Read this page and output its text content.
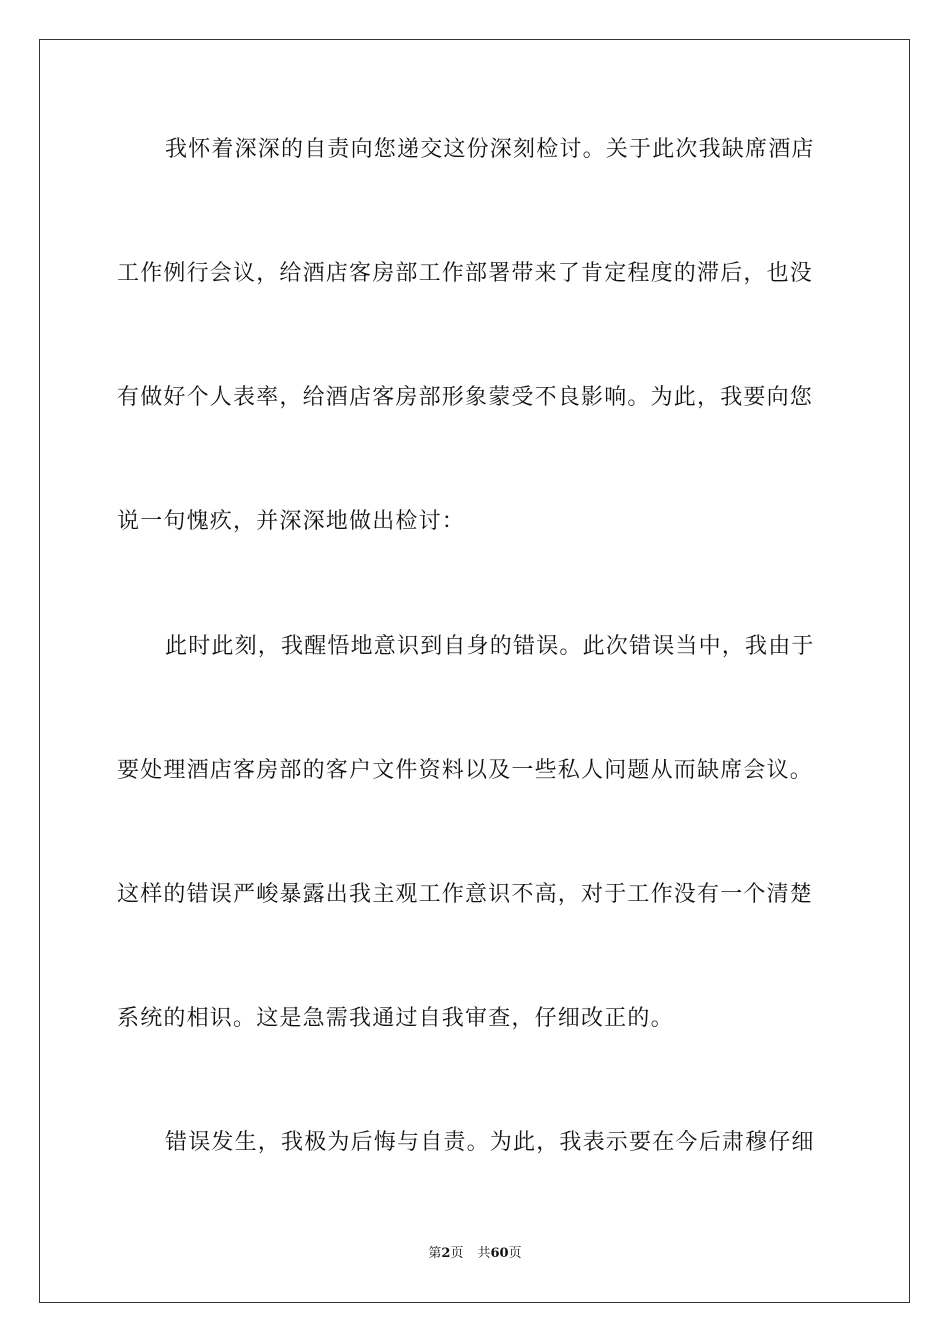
我怀着深深的自责向您递交这份深刻检讨。关于此次我缺席酒店
工作例行会议，给酒店客房部工作部署带来了肯定程度的滞后，也没
有做好个人表率，给酒店客房部形象蒙受不良影响。为此，我要向您
说一句愧疚，并深深地做出检讨：
此时此刻，我醒悟地意识到自身的错误。此次错误当中，我由于
要处理酒店客房部的客户文件资料以及一些私人问题从而缺席会议。
这样的错误严峻暴露出我主观工作意识不高，对于工作没有一个清楚
系统的相识。这是急需我通过自我审查，仔细改正的。
错误发生，我极为后悔与自责。为此，我表示要在今后肃穆仔细
第2页 共60页
